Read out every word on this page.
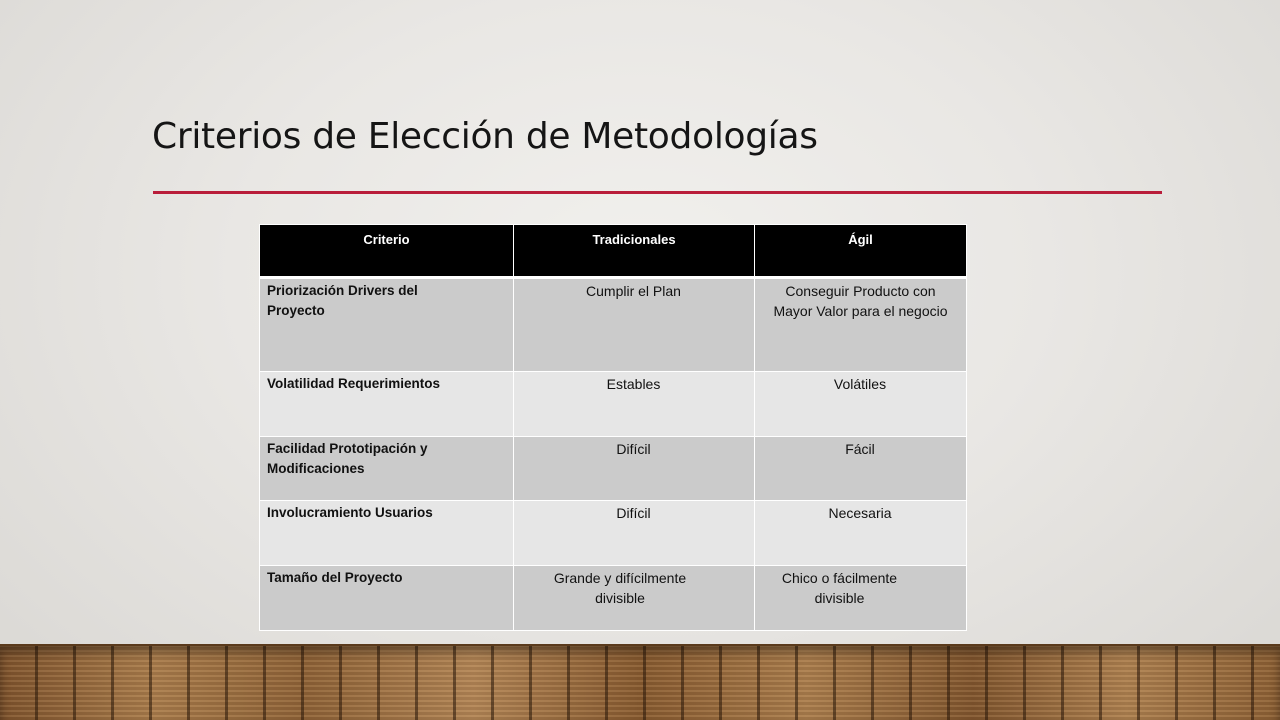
Criterios de Elección de Metodologías
Criterio	Tradicionales	Ágil
Priorización Drivers del Proyecto	Cumplir el Plan	Conseguir Producto con Mayor Valor para el negocio
Volatilidad Requerimientos	Estables	Volátiles
Facilidad Prototipación y Modificaciones	Difícil	Fácil
Involucramiento Usuarios	Difícil	Necesaria
Tamaño del Proyecto	Grande y difícilmente divisible	Chico o fácilmente divisible
